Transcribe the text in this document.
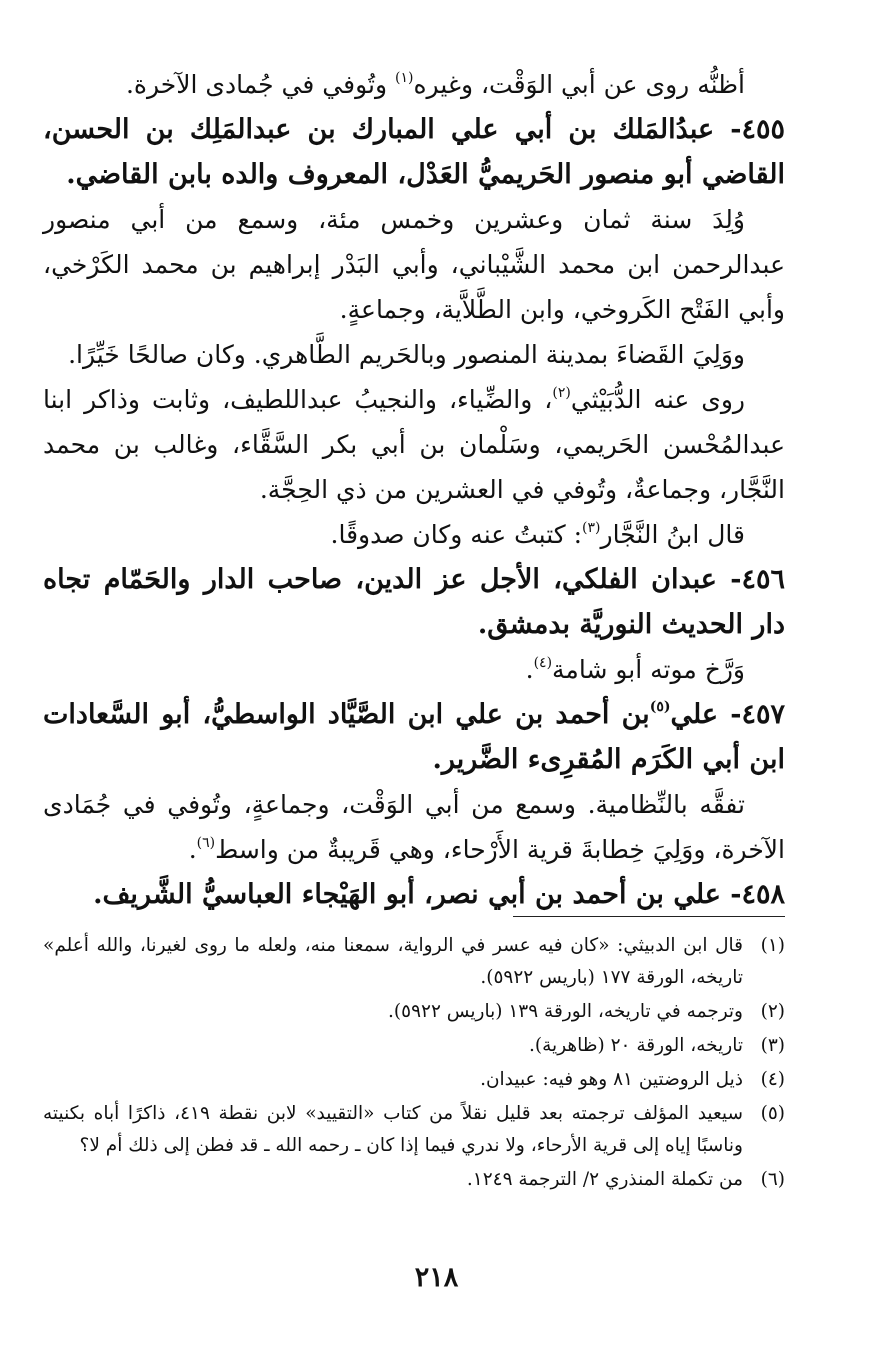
أظنُّه روى عن أبي الوَقْت، وغيره$^{(١)}$ وتُوفي في جُمادى الآخرة.

٤٥٥- عبدُالمَلك بن أبي علي المبارك بن عبدالمَلِك بن الحسن، القاضي أبو منصور الحَريميُّ العَدْل، المعروف والده بابن القاضي.

وُلِدَ سنة ثمان وعشرين وخمس مئة، وسمع من أبي منصور عبدالرحمن ابن محمد الشَّيْباني، وأبي البَدْر إبراهيم بن محمد الكَرْخي، وأبي الفَتْح الكَروخي، وابن الطَّلاَّية، وجماعةٍ.

ووَلِيَ القَضاءَ بمدينة المنصور وبالحَريم الطَّاهري. وكان صالحًا خَيِّرًا.

روى عنه الدُّبَيْثي$^{(٢)}$، والضِّياء، والنجيبُ عبداللطيف، وثابت وذاكر ابنا عبدالمُحْسن الحَريمي، وسَلْمان بن أبي بكر السَّقَّاء، وغالب بن محمد النَّجَّار، وجماعةٌ، وتُوفي في العشرين من ذي الحِجَّة.

قال ابنُ النَّجَّار$^{(٣)}$: كتبتُ عنه وكان صدوقًا.

٤٥٦- عبدان الفلكي، الأجل عز الدين، صاحب الدار والحَمّام تجاه دار الحديث النوريَّة بدمشق.

وَرَّخ موته أبو شامة$^{(٤)}$.

٤٥٧- علي$^{(٥)}$بن أحمد بن علي ابن الصَّيَّاد الواسطيُّ، أبو السَّعادات ابن أبي الكَرَم المُقرِىء الضَّرير.

تفقَّه بالنِّظامية. وسمع من أبي الوَقْت، وجماعةٍ، وتُوفي في جُمَادى الآخرة، ووَلِيَ خِطابةَ قرية الأَرْحاء، وهي قَريبةٌ من واسط$^{(٦)}$.

٤٥٨- علي بن أحمد بن أبي نصر، أبو الهَيْجاء العباسيُّ الشَّريف.

(١)
قال ابن الدبيثي: «كان فيه عسر في الرواية، سمعنا منه، ولعله ما روى لغيرنا، والله أعلم» تاريخه، الورقة ١٧٧ (باريس ٥٩٢٢).
(٢)
وترجمه في تاريخه، الورقة ١٣٩ (باريس ٥٩٢٢).
(٣)
تاريخه، الورقة ٢٠ (ظاهرية).
(٤)
ذيل الروضتين ٨١ وهو فيه: عبيدان.
(٥)
سيعيد المؤلف ترجمته بعد قليل نقلاً من كتاب «التقييد» لابن نقطة ٤١٩، ذاكرًا أباه بكنيته وناسبًا إياه إلى قرية الأرحاء، ولا ندري فيما إذا كان ـ رحمه الله ـ قد فطن إلى ذلك أم لا؟
(٦)
من تكملة المنذري ٢/ الترجمة ١٢٤٩.
٢١٨
